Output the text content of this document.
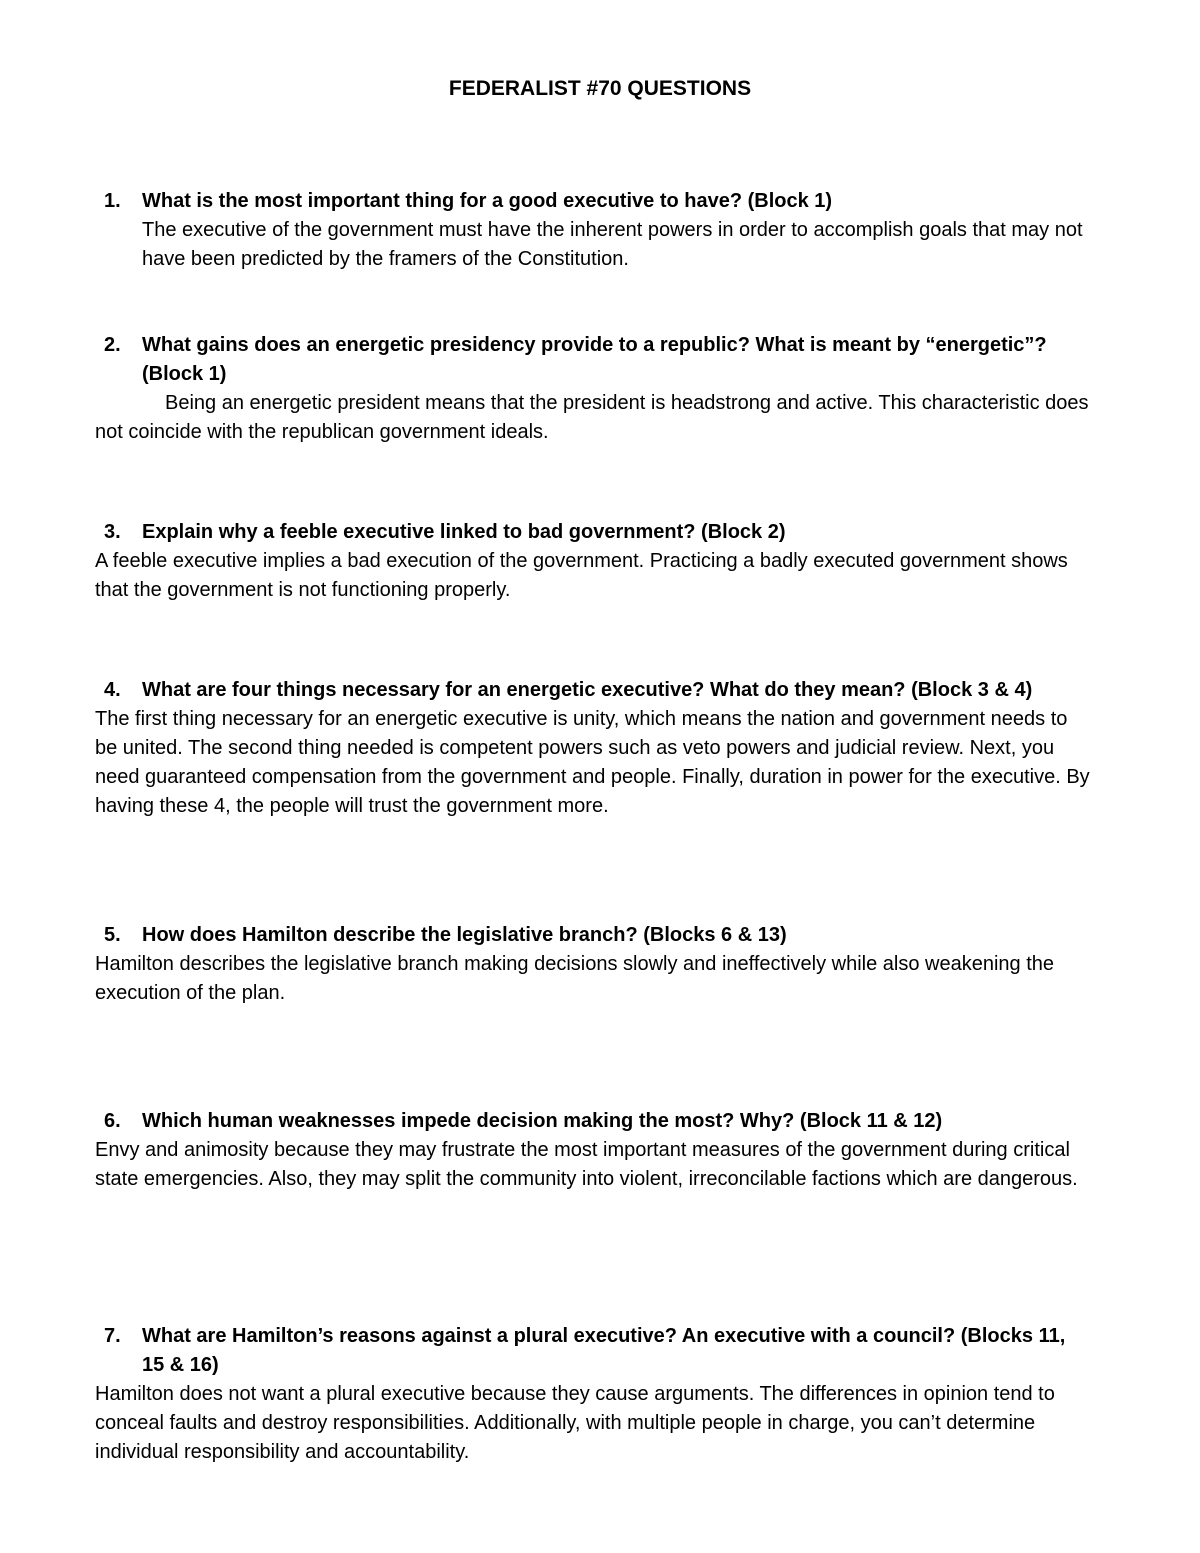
FEDERALIST #70 QUESTIONS
1. What is the most important thing for a good executive to have? (Block 1)
The executive of the government must have the inherent powers in order to accomplish goals that may not have been predicted by the framers of the Constitution.
2. What gains does an energetic presidency provide to a republic? What is meant by “energetic”? (Block 1)
Being an energetic president means that the president is headstrong and active. This characteristic does not coincide with the republican government ideals.
3. Explain why a feeble executive linked to bad government? (Block 2)
A feeble executive implies a bad execution of the government. Practicing a badly executed government shows that the government is not functioning properly.
4. What are four things necessary for an energetic executive? What do they mean? (Block 3 & 4)
The first thing necessary for an energetic executive is unity, which means the nation and government needs to be united. The second thing needed is competent powers such as veto powers and judicial review. Next, you need guaranteed compensation from the government and people. Finally, duration in power for the executive. By having these 4, the people will trust the government more.
5. How does Hamilton describe the legislative branch? (Blocks 6 & 13)
Hamilton describes the legislative branch making decisions slowly and ineffectively while also weakening the execution of the plan.
6. Which human weaknesses impede decision making the most? Why? (Block 11 & 12)
Envy and animosity because they may frustrate the most important measures of the government during critical state emergencies. Also, they may split the community into violent, irreconcilable factions which are dangerous.
7. What are Hamilton’s reasons against a plural executive? An executive with a council? (Blocks 11, 15 & 16)
Hamilton does not want a plural executive because they cause arguments. The differences in opinion tend to conceal faults and destroy responsibilities. Additionally, with multiple people in charge, you can’t determine individual responsibility and accountability.
